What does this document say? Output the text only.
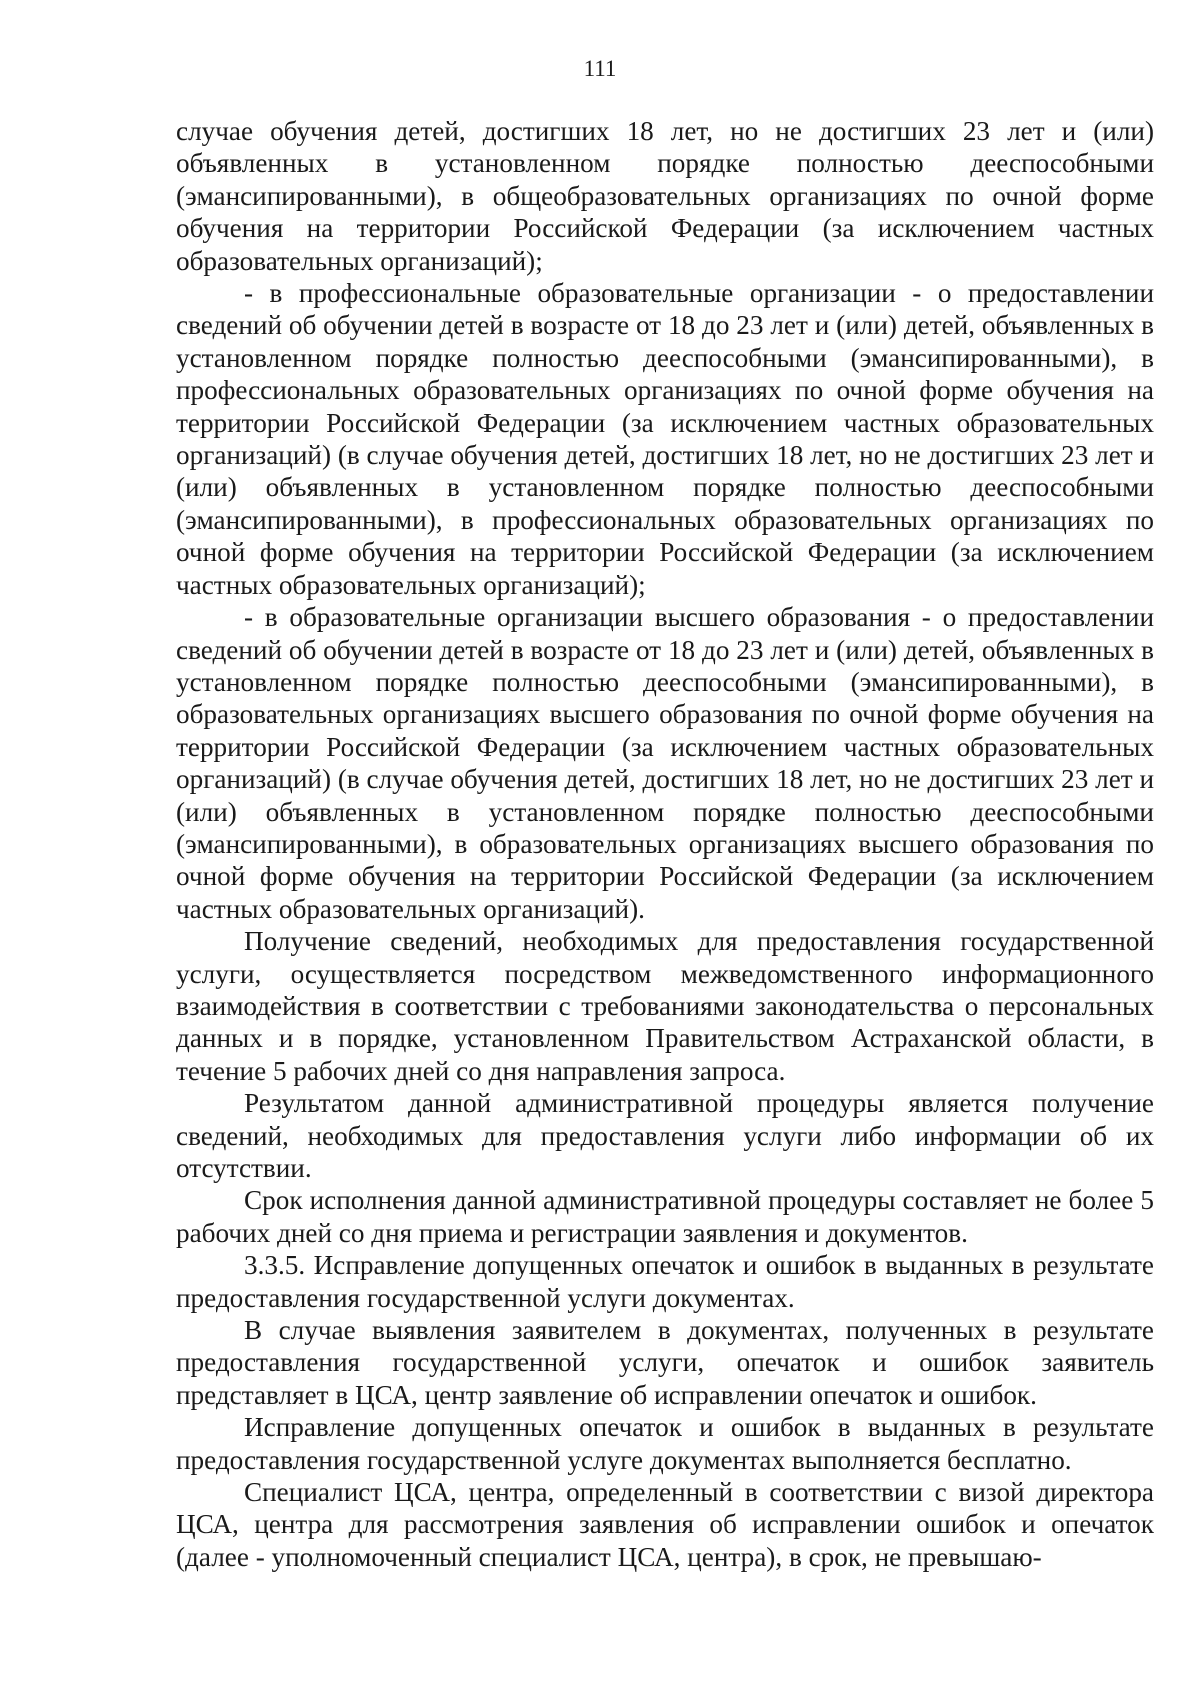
111

случае обучения детей, достигших 18 лет, но не достигших 23 лет и (или) объявленных в установленном порядке полностью дееспособными (эмансипированными), в общеобразовательных организациях по очной форме обучения на территории Российской Федерации (за исключением частных образовательных организаций);

- в профессиональные образовательные организации - о предоставлении сведений об обучении детей в возрасте от 18 до 23 лет и (или) детей, объявленных в установленном порядке полностью дееспособными (эмансипированными), в профессиональных образовательных организациях по очной форме обучения на территории Российской Федерации (за исключением частных образовательных организаций) (в случае обучения детей, достигших 18 лет, но не достигших 23 лет и (или) объявленных в установленном порядке полностью дееспособными (эмансипированными), в профессиональных образовательных организациях по очной форме обучения на территории Российской Федерации (за исключением частных образовательных организаций);

- в образовательные организации высшего образования - о предоставлении сведений об обучении детей в возрасте от 18 до 23 лет и (или) детей, объявленных в установленном порядке полностью дееспособными (эмансипированными), в образовательных организациях высшего образования по очной форме обучения на территории Российской Федерации (за исключением частных образовательных организаций) (в случае обучения детей, достигших 18 лет, но не достигших 23 лет и (или) объявленных в установленном порядке полностью дееспособными (эмансипированными), в образовательных организациях высшего образования по очной форме обучения на территории Российской Федерации (за исключением частных образовательных организаций).

Получение сведений, необходимых для предоставления государственной услуги, осуществляется посредством межведомственного информационного взаимодействия в соответствии с требованиями законодательства о персональных данных и в порядке, установленном Правительством Астраханской области, в течение 5 рабочих дней со дня направления запроса.

Результатом данной административной процедуры является получение сведений, необходимых для предоставления услуги либо информации об их отсутствии.

Срок исполнения данной административной процедуры составляет не более 5 рабочих дней со дня приема и регистрации заявления и документов.

3.3.5. Исправление допущенных опечаток и ошибок в выданных в результате предоставления государственной услуги документах.

В случае выявления заявителем в документах, полученных в результате предоставления государственной услуги, опечаток и ошибок заявитель представляет в ЦСА, центр заявление об исправлении опечаток и ошибок.

Исправление допущенных опечаток и ошибок в выданных в результате предоставления государственной услуге документах выполняется бесплатно.

Специалист ЦСА, центра, определенный в соответствии с визой директора ЦСА, центра для рассмотрения заявления об исправлении ошибок и опечаток (далее - уполномоченный специалист ЦСА, центра), в срок, не превышаю-
